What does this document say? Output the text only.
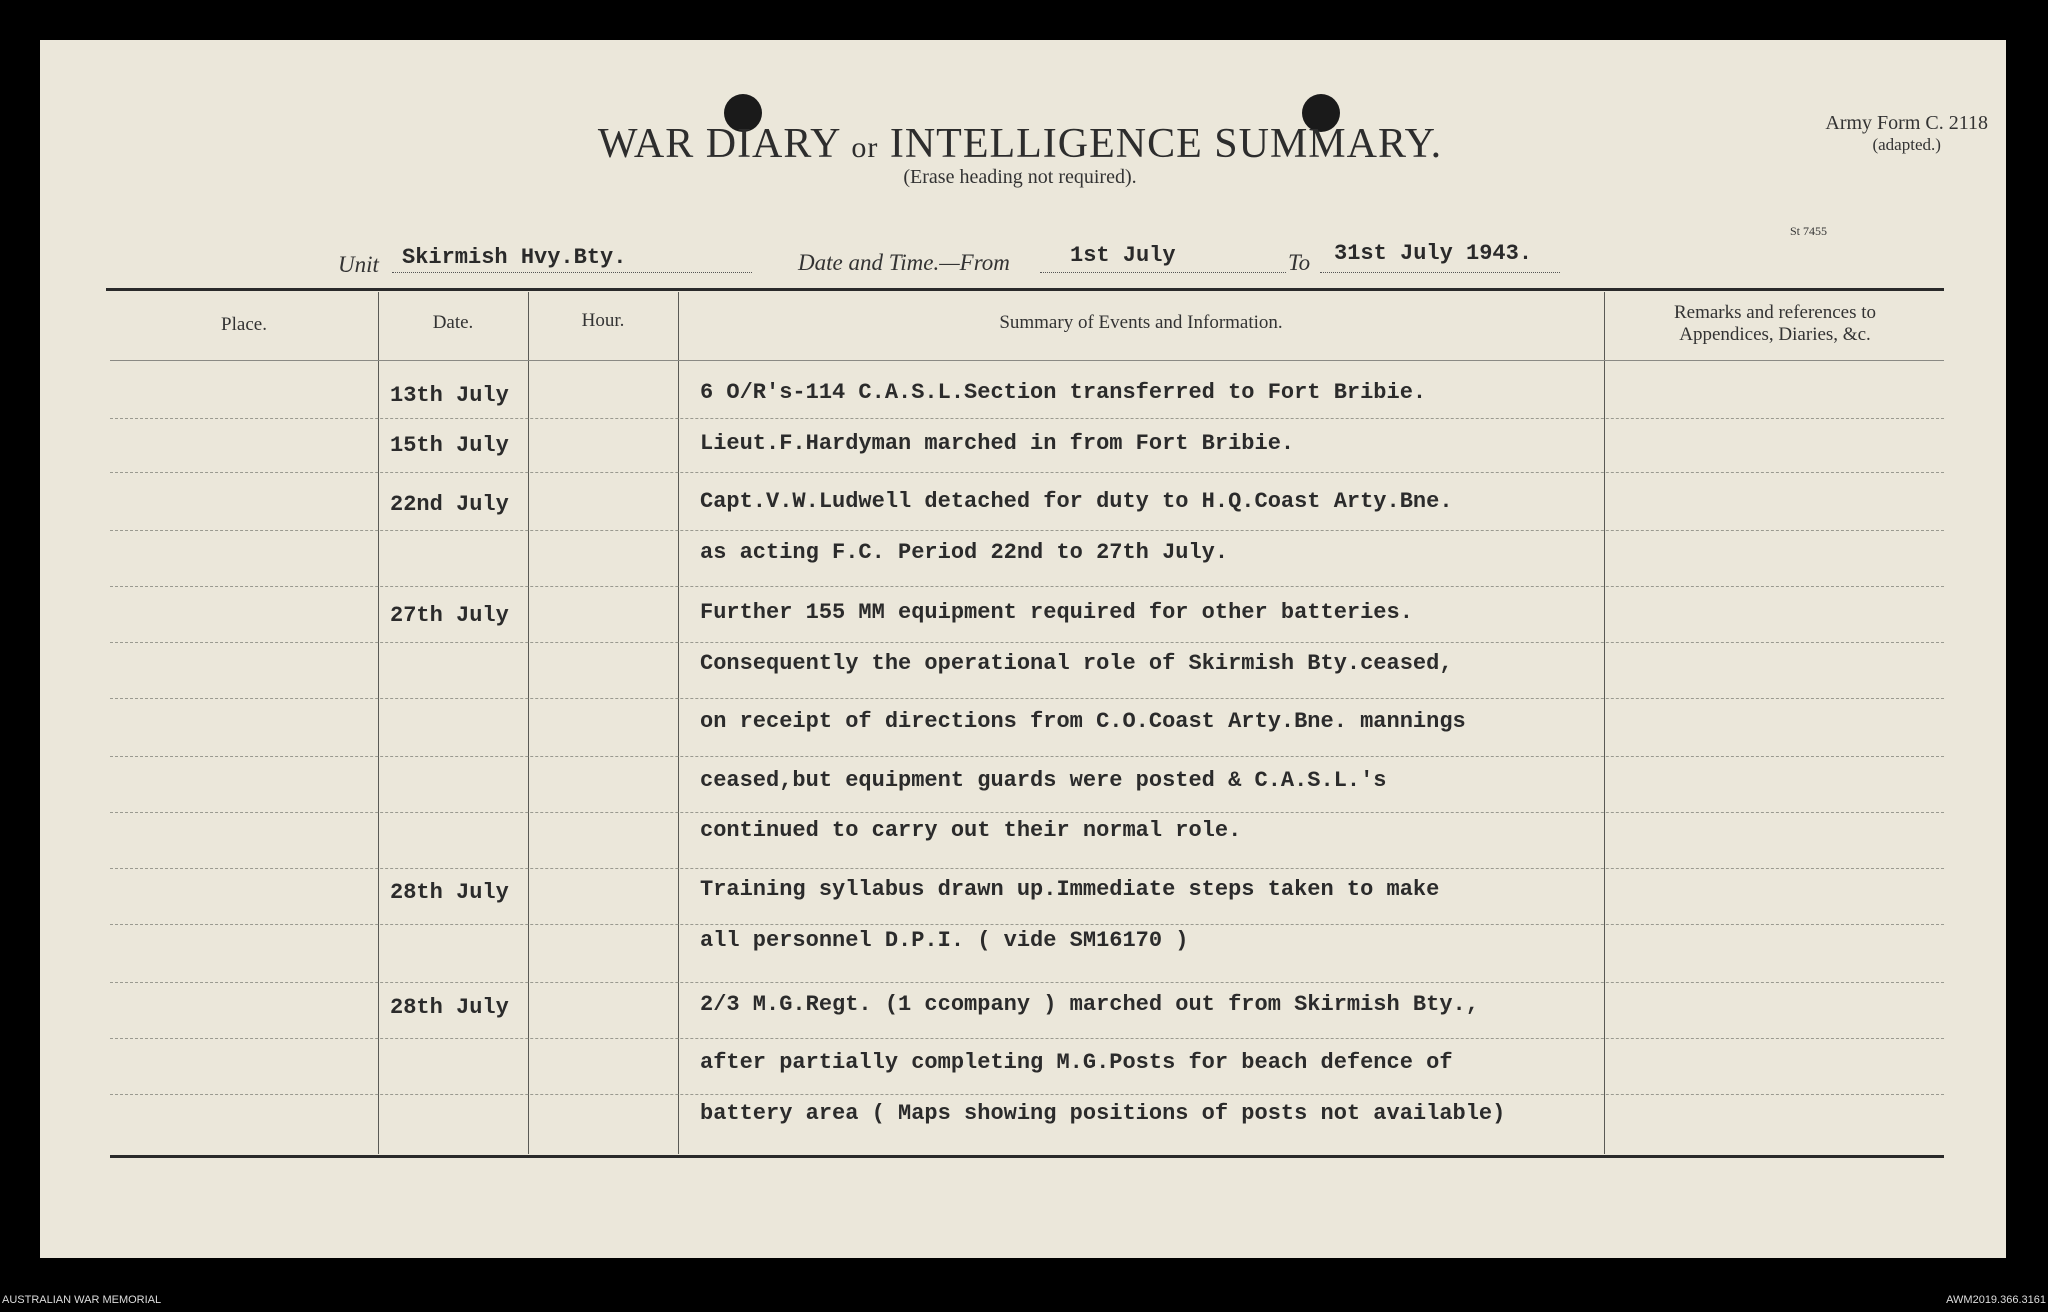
WAR DIARY or INTELLIGENCE SUMMARY.
(Erase heading not required).
Army Form C. 2118
(adapted.)
St 7455
Unit Skirmish Hvy.Bty.	Date and Time.—From	1st July	To 31st July 1943.
Place.	Date.	Hour.	Summary of Events and Information.	Remarks and references to Appendices, Diaries, &c.
13th July	6 O/R's-114 C.A.S.L.Section transferred to Fort Bribie.
15th July	Lieut.F.Hardyman marched in from Fort Bribie.
22nd July	Capt.V.W.Ludwell detached for duty to H.Q.Coast Arty.Bne.
as acting F.C. Period 22nd to 27th July.
27th July	Further 155 MM equipment required for other batteries.
Consequently the operational role of Skirmish Bty.ceased,
on receipt of directions from C.O.Coast Arty.Bne. mannings
ceased,but equipment guards were posted & C.A.S.L.'s
continued to carry out their normal role.
28th July	Training syllabus drawn up.Immediate steps taken to make
all personnel D.P.I. ( vide SM16170 )
28th July	2/3 M.G.Regt. (1 ccompany ) marched out from Skirmish Bty.,
after partially completing M.G.Posts for beach defence of
battery area ( Maps showing positions of posts not available)
AUSTRALIAN WAR MEMORIAL	AWM2019.366.3161
